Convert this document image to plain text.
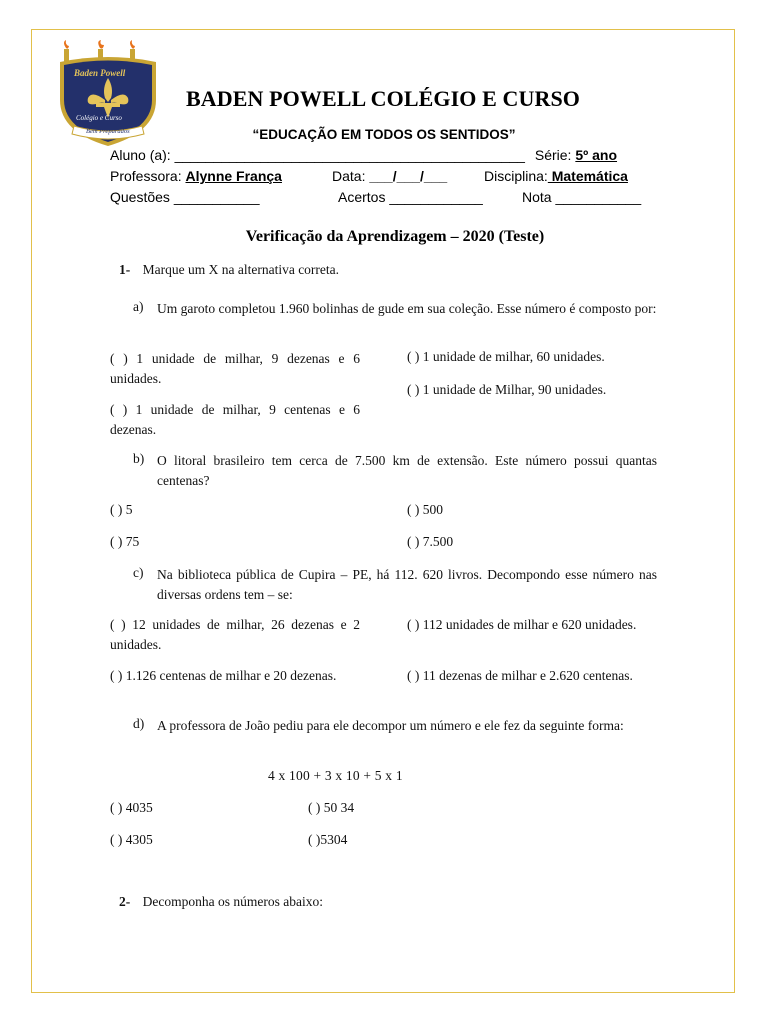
Baden Powell
Colégio e Curso
Bem Preparados
BADEN POWELL COLÉGIO E CURSO
“EDUCAÇÃO EM TODOS OS SENTIDOS”
Aluno (a): _____________________________________________ Série: 5º ano
Professora: Alynne França	Data: ___/___/___	Disciplina: Matemática
Questões ___________	Acertos ____________	Nota ___________
Verificação da Aprendizagem – 2020 (Teste)
1- Marque um X na alternativa correta.
a) Um garoto completou 1.960 bolinhas de gude em sua coleção. Esse número é composto por:
( ) 1 unidade de milhar, 9 dezenas e 6 unidades.
( ) 1 unidade de milhar, 60 unidades.
( ) 1 unidade de milhar, 9 centenas e 6 dezenas.
( ) 1 unidade de Milhar, 90 unidades.
b) O litoral brasileiro tem cerca de 7.500 km de extensão. Este número possui quantas centenas?
( ) 5	( ) 500
( ) 75	( ) 7.500
c) Na biblioteca pública de Cupira – PE, há 112. 620 livros. Decompondo esse número nas diversas ordens tem – se:
( ) 12 unidades de milhar, 26 dezenas e 2 unidades.
( ) 112 unidades de milhar e 620 unidades.
( ) 1.126 centenas de milhar e 20 dezenas.	( ) 11 dezenas de milhar e 2.620 centenas.
d) A professora de João pediu para ele decompor um número e ele fez da seguinte forma:
4 x 100 + 3 x 10 + 5 x 1
( ) 4035	( ) 50 34
( ) 4305	( )5304
2- Decomponha os números abaixo:
